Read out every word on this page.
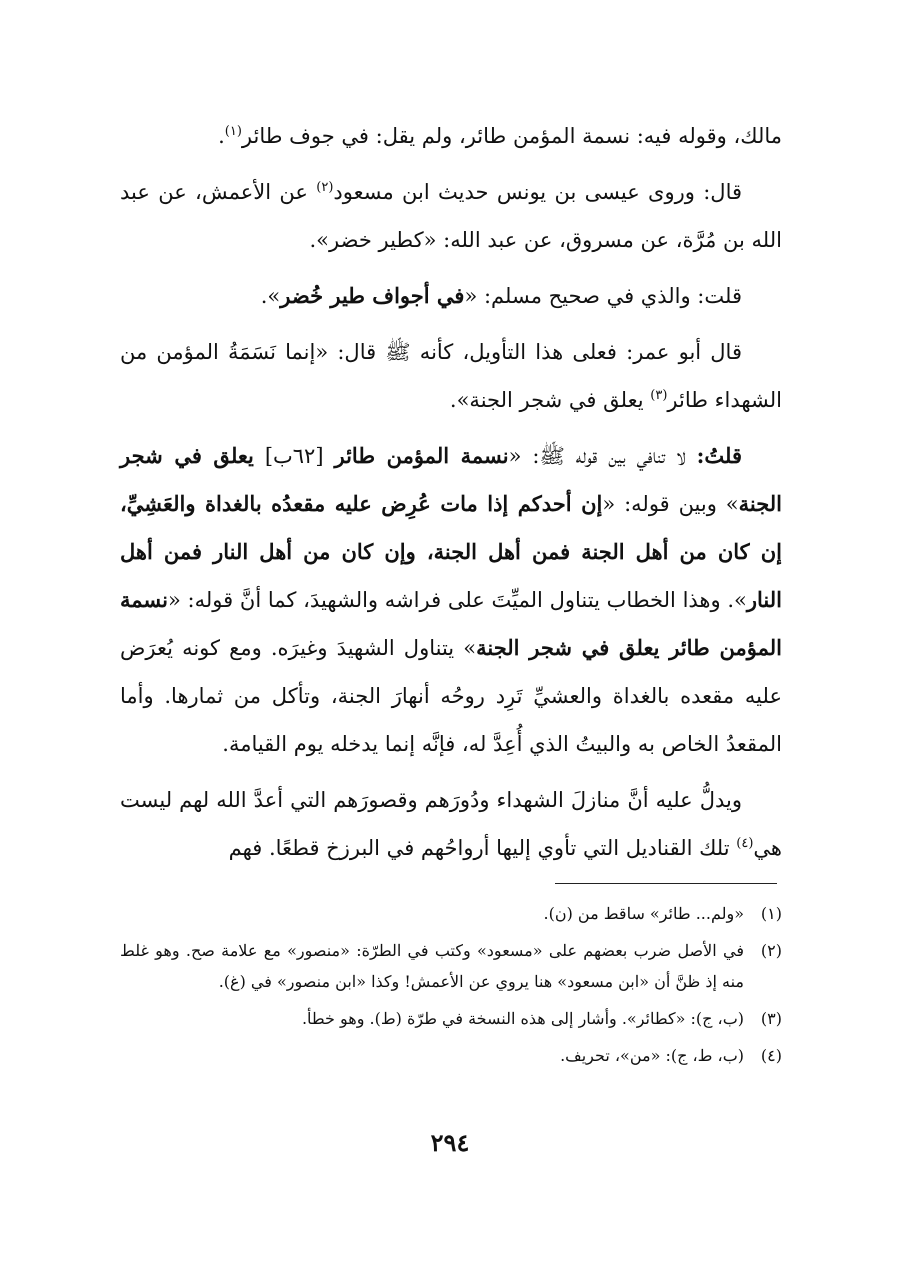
مالك، وقوله فيه: نسمة المؤمن طائر، ولم يقل: في جوف طائر$^{(١)}$.

قال: وروى عيسى بن يونس حديث ابن مسعود$^{(٢)}$ عن الأعمش، عن عبد الله بن مُرَّة، عن مسروق، عن عبد الله: «كطير خضر».

قلت: والذي في صحيح مسلم: «في أجواف طير خُضر».

قال أبو عمر: فعلى هذا التأويل، كأنه ﷺ قال: «إنما نَسَمَةُ المؤمن من الشهداء طائر$^{(٣)}$ يعلق في شجر الجنة».

قلتُ: لا تنافي بين قوله ﷺ: «نسمة المؤمن طائر [٦٢ب] يعلق في شجر الجنة» وبين قوله: «إن أحدكم إذا مات عُرِض عليه مقعدُه بالغداة والعَشِيِّ، إن كان من أهل الجنة فمن أهل الجنة، وإن كان من أهل النار فمن أهل النار». وهذا الخطاب يتناول الميِّتَ على فراشه والشهيدَ، كما أنَّ قوله: «نسمة المؤمن طائر يعلق في شجر الجنة» يتناول الشهيدَ وغيرَه. ومع كونه يُعرَض عليه مقعده بالغداة والعشيِّ تَرِد روحُه أنهارَ الجنة، وتأكل من ثمارها. وأما المقعدُ الخاص به والبيتُ الذي أُعِدَّ له، فإنَّه إنما يدخله يوم القيامة.

ويدلُّ عليه أنَّ منازلَ الشهداء ودُورَهم وقصورَهم التي أعدَّ الله لهم ليست هي$^{(٤)}$ تلك القناديل التي تأوي إليها أرواحُهم في البرزخ قطعًا. فهم

(١)
«ولم... طائر» ساقط من (ن).
(٢)
في الأصل ضرب بعضهم على «مسعود» وكتب في الطرّة: «منصور» مع علامة صح. وهو غلط منه إذ ظنَّ أن «ابن مسعود» هنا يروي عن الأعمش! وكذا «ابن منصور» في (غ).
(٣)
(ب، ج): «كطائر». وأشار إلى هذه النسخة في طرّة (ط). وهو خطأ.
(٤)
(ب، ط، ج): «من»، تحريف.
٢٩٤
